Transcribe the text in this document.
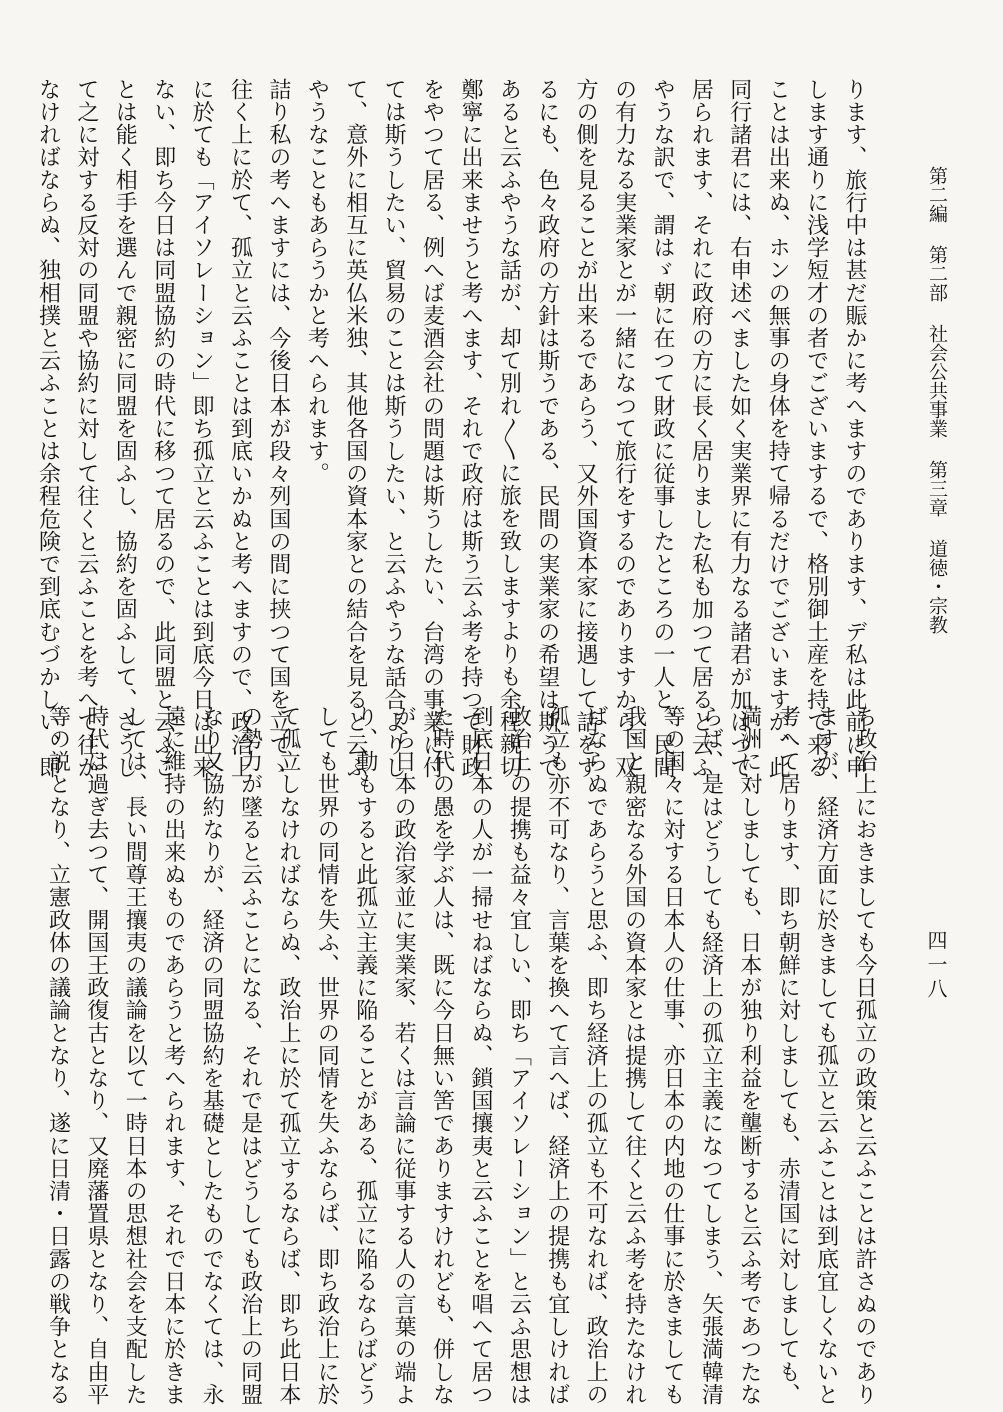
第二編
第二部
社会公共事業
第三章
道徳・宗教
四一八
ります、旅行中は甚だ賑かに考へますのであります、デ私は此前に申
します通りに浅学短才の者でございまするで、格別御土産を持て来る
ことは出来ぬ、ホンの無事の身体を持て帰るだけでございますが、此
同行諸君には、右申述べました如く実業界に有力なる諸君が加はつて
居られます、それに政府の方に長く居りました私も加つて居ると云ふ
やうな訳で、謂はゞ朝に在つて財政に従事したところの一人と、民間
の有力なる実業家とが一緒になつて旅行をするのでありますから、双
方の側を見ることが出来るであらう、又外国資本家に接遇して話をす
るにも、色々政府の方針は斯うである、民間の実業家の希望は斯うで
あると云ふやうな話が、却て別れ〳〵に旅を致しますよりも余程親切
鄭寧に出来ませうと考へます、それで政府は斯う云ふ考を持つて財政
をやつて居る、例へば麦酒会社の問題は斯うしたい、台湾の事業に付
ては斯うしたい、貿易のことは斯うしたい、と云ふやうな話合よりし
て、意外に相互に英仏米独、其他各国の資本家との結合を見ると云ふ
やうなこともあらうかと考へられます。
詰り私の考へますには、今後日本が段々列国の間に挟つて国を立てゝ
往く上に於て、孤立と云ふことは到底いかぬと考へますので、政治上
に於ても「アイソレーション」即ち孤立と云ふことは到底今日は出来
ない、即ち今日は同盟協約の時代に移つて居るので、此同盟と云ふこ
とは能く相手を選んで親密に同盟を固ふし、協約を固ふして、さうし
て之に対する反対の同盟や協約に対して往くと云ふことを考へて往か
なければならぬ、独相撲と云ふことは余程危険で到底むづかしい、即
ち政治上におきましても今日孤立の政策と云ふことは許さぬのであり
ますが、経済方面に於きましても孤立と云ふことは到底宜しくないと
考へて居ります、即ち朝鮮に対しましても、赤清国に対しましても、
満洲に対しましても、日本が独り利益を壟断すると云ふ考であつたな
らば、是はどうしても経済上の孤立主義になつてしまう、矢張満韓清
等の国々に対する日本人の仕事、亦日本の内地の仕事に於きましても
我国と親密なる外国の資本家とは提携して往くと云ふ考を持たなけれ
ばならぬであらうと思ふ、即ち経済上の孤立も不可なれば、政治上の
孤立も亦不可なり、言葉を換へて言へば、経済上の提携も宜しければ
政治上の提携も益々宜しい、即ち「アイソレーション」と云ふ思想は
到底日本の人が一掃せねばならぬ、鎖国攘夷と云ふことを唱へて居つ
た時代の愚を学ぶ人は、既に今日無い筈でありますけれども、併しな
がら日本の政治家並に実業家、若くは言論に従事する人の言葉の端よ
り、動もすると此孤立主義に陥ることがある、孤立に陥るならばどう
しても世界の同情を失ふ、世界の同情を失ふならば、即ち政治上に於
て孤立しなければならぬ、政治上に於て孤立するならば、即ち此日本
の勢力が墜ると云ふことになる、それで是はどうしても政治上の同盟
なり又協約なりが、経済の同盟協約を基礎としたものでなくては、永
遠に維持の出来ぬものであらうと考へられます、それで日本に於きま
しては、長い間尊王攘夷の議論を以て一時日本の思想社会を支配した
時代は過ぎ去つて、開国王政復古となり、又廃藩置県となり、自由平
等の説となり、立憲政体の議論となり、遂に日清・日露の戦争となる
